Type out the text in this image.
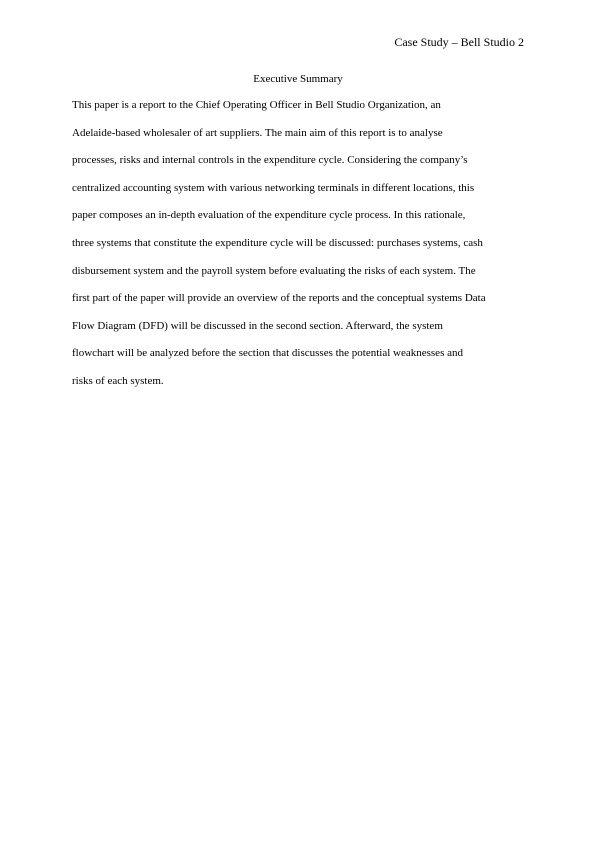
Case Study – Bell Studio 2
Executive Summary
This paper is a report to the Chief Operating Officer in Bell Studio Organization, an
Adelaide-based wholesaler of art suppliers. The main aim of this report is to analyse
processes, risks and internal controls in the expenditure cycle. Considering the company’s
centralized accounting system with various networking terminals in different locations, this
paper composes an in-depth evaluation of the expenditure cycle process. In this rationale,
three systems that constitute the expenditure cycle will be discussed: purchases systems, cash
disbursement system and the payroll system before evaluating the risks of each system. The
first part of the paper will provide an overview of the reports and the conceptual systems Data
Flow Diagram (DFD) will be discussed in the second section. Afterward, the system
flowchart will be analyzed before the section that discusses the potential weaknesses and
risks of each system.
